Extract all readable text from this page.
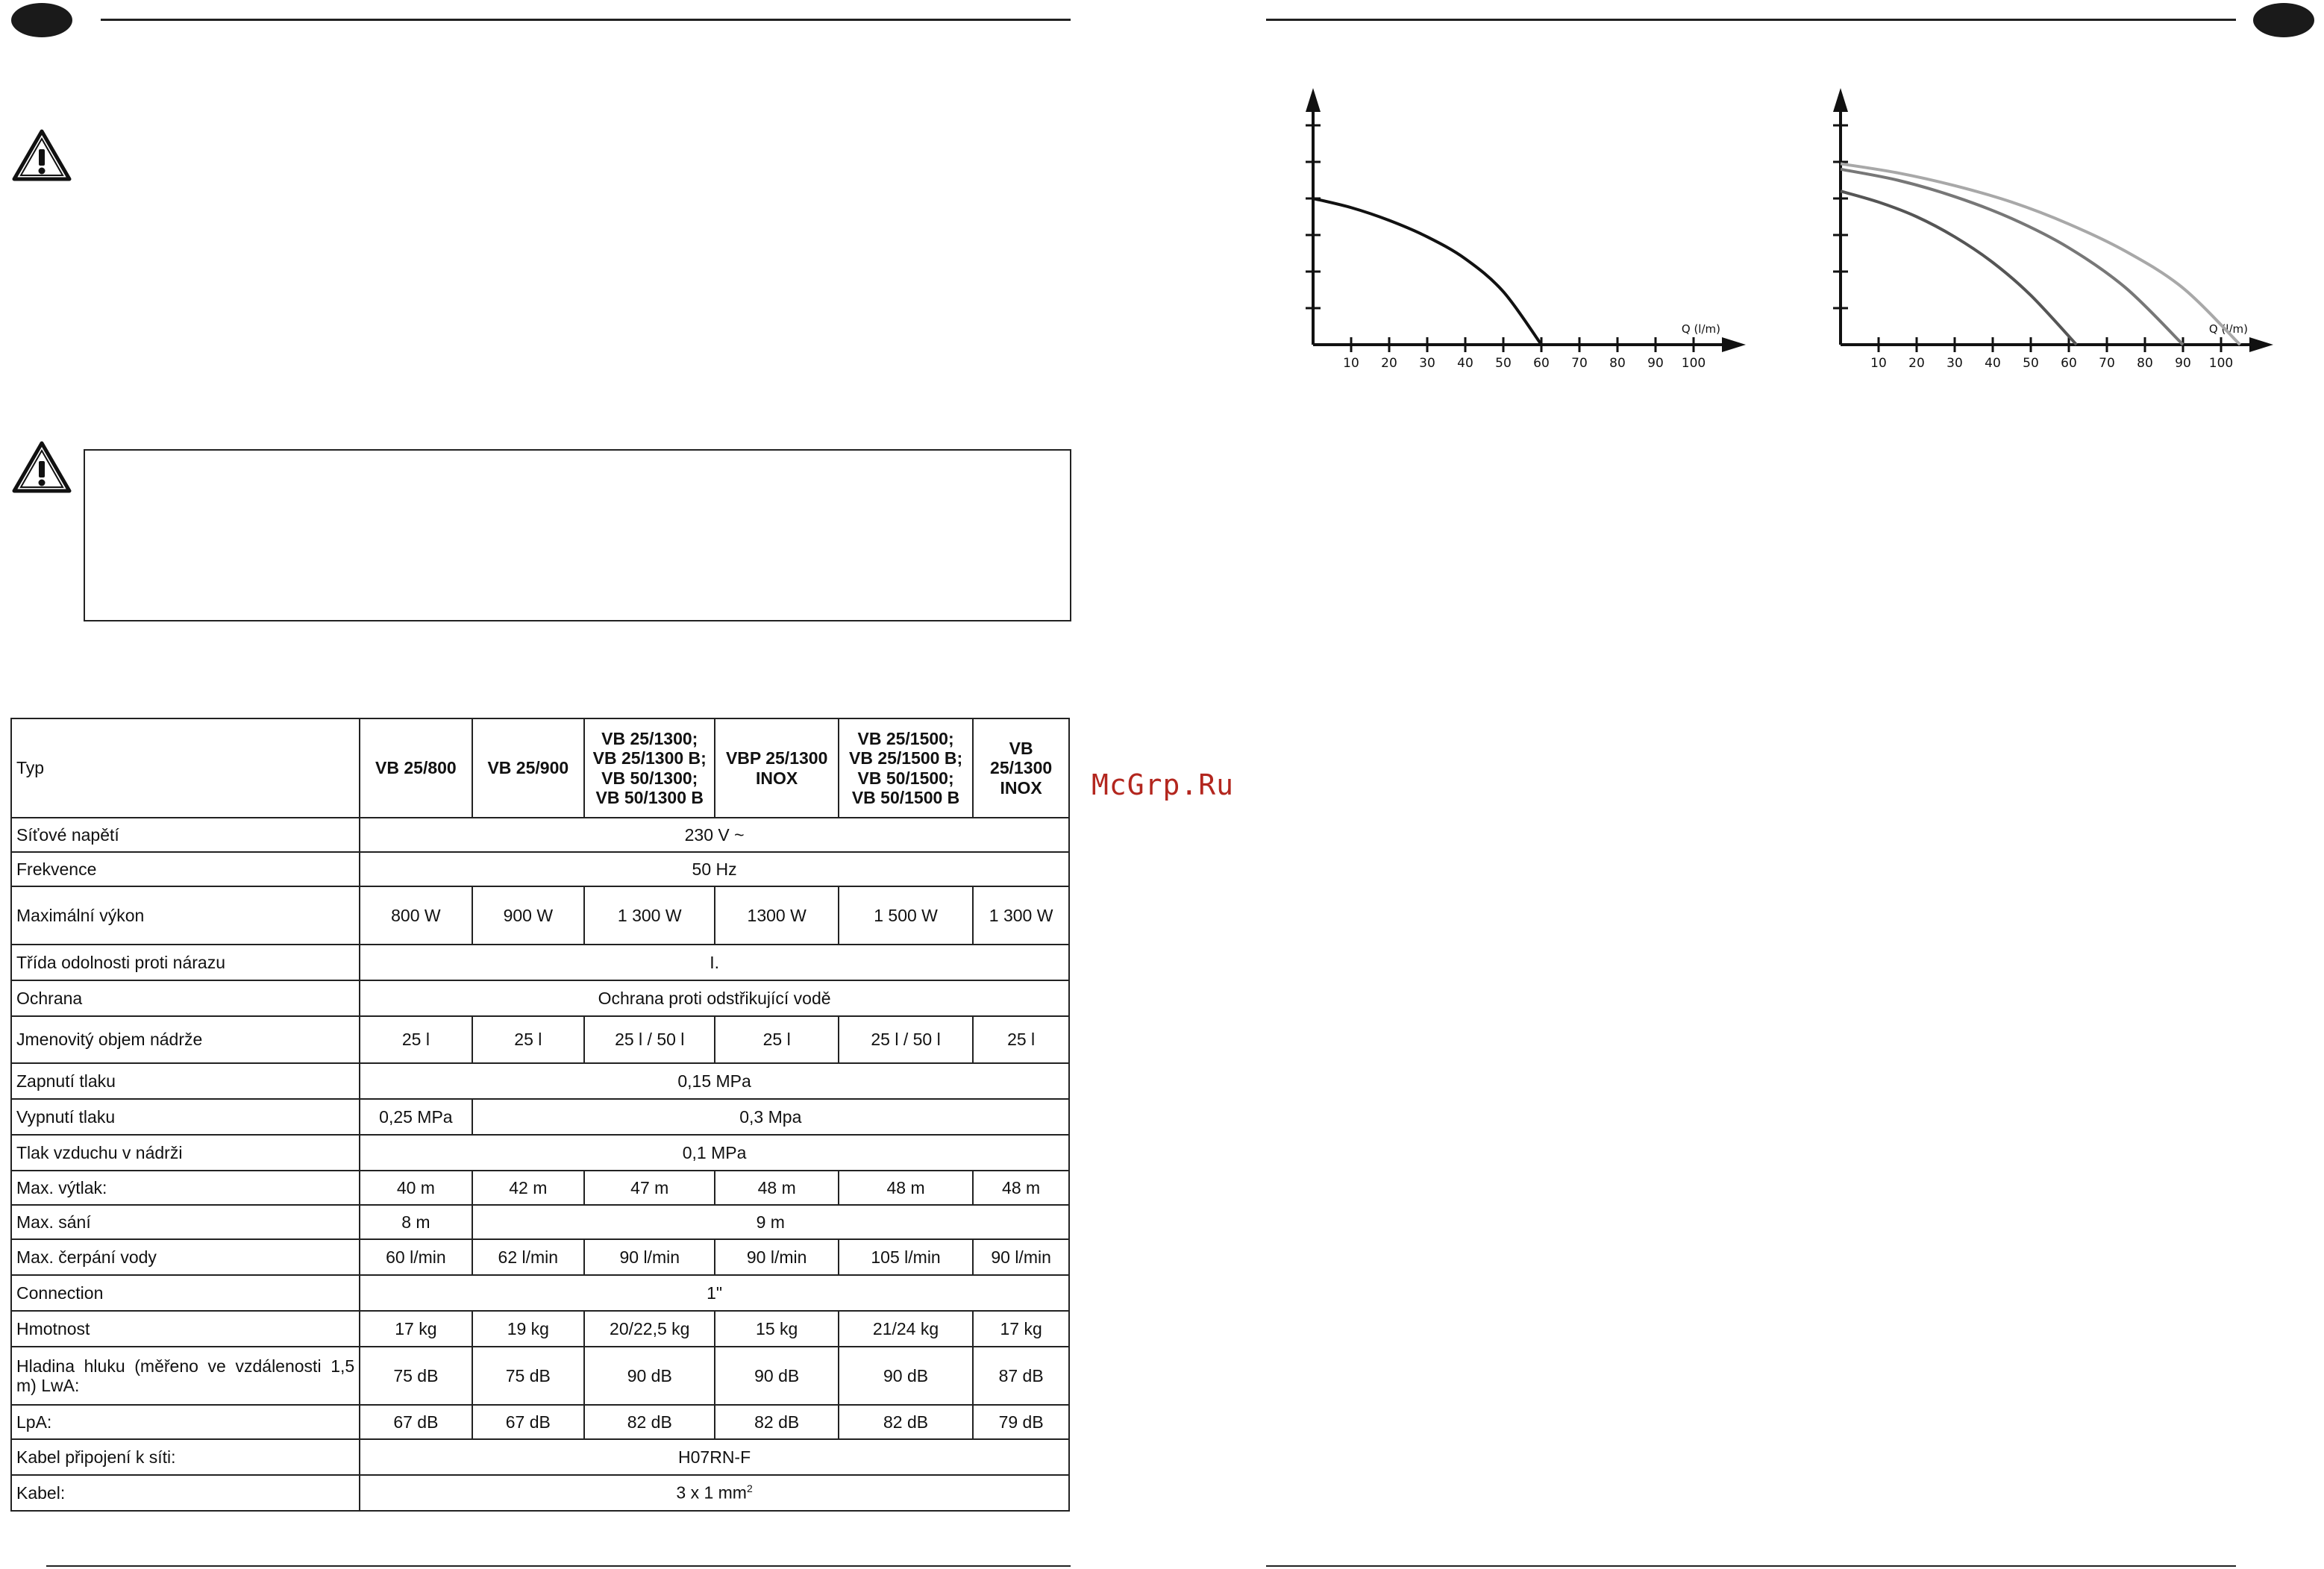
10 20 30 40 50 60 70 80 90 100
Q (l/m)
10 20 30 40 50 60 70 80 90 100
Q (l/m)
McGrp.Ru
Typ	VB 25/800	VB 25/900	VB 25/1300; VB 25/1300 B; VB 50/1300; VB 50/1300 B	VBP 25/1300 INOX	VB 25/1500; VB 25/1500 B; VB 50/1500; VB 50/1500 B	VB 25/1300 INOX
Síťové napětí	230 V ~					
Frekvence	50 Hz					
Maximální výkon	800 W	900 W	1 300 W	1300 W	1 500 W	1 300 W
Třída odolnosti proti nárazu	I.					
Ochrana	Ochrana proti odstřikující vodě					
Jmenovitý objem nádrže	25 l	25 l	25 l / 50 l	25 l	25 l / 50 l	25 l
Zapnutí tlaku	0,15 MPa					
Vypnutí tlaku	0,25 MPa	0,3 Mpa				
Tlak vzduchu v nádrži	0,1 MPa					
Max. výtlak:	40 m	42 m	47 m	48 m	48 m	48 m
Max. sání	8 m	9 m				
Max. čerpání vody	60 l/min	62 l/min	90 l/min	90 l/min	105 l/min	90 l/min
Connection	1"					
Hmotnost	17 kg	19 kg	20/22,5 kg	15 kg	21/24 kg	17 kg
Hladina hluku (měřeno ve vzdálenosti 1,5 m) LwA:	75 dB	75 dB	90 dB	90 dB	90 dB	87 dB
LpA:	67 dB	67 dB	82 dB	82 dB	82 dB	79 dB
Kabel připojení k síti:	H07RN-F					
Kabel:	3 x 1 $mm^2$
